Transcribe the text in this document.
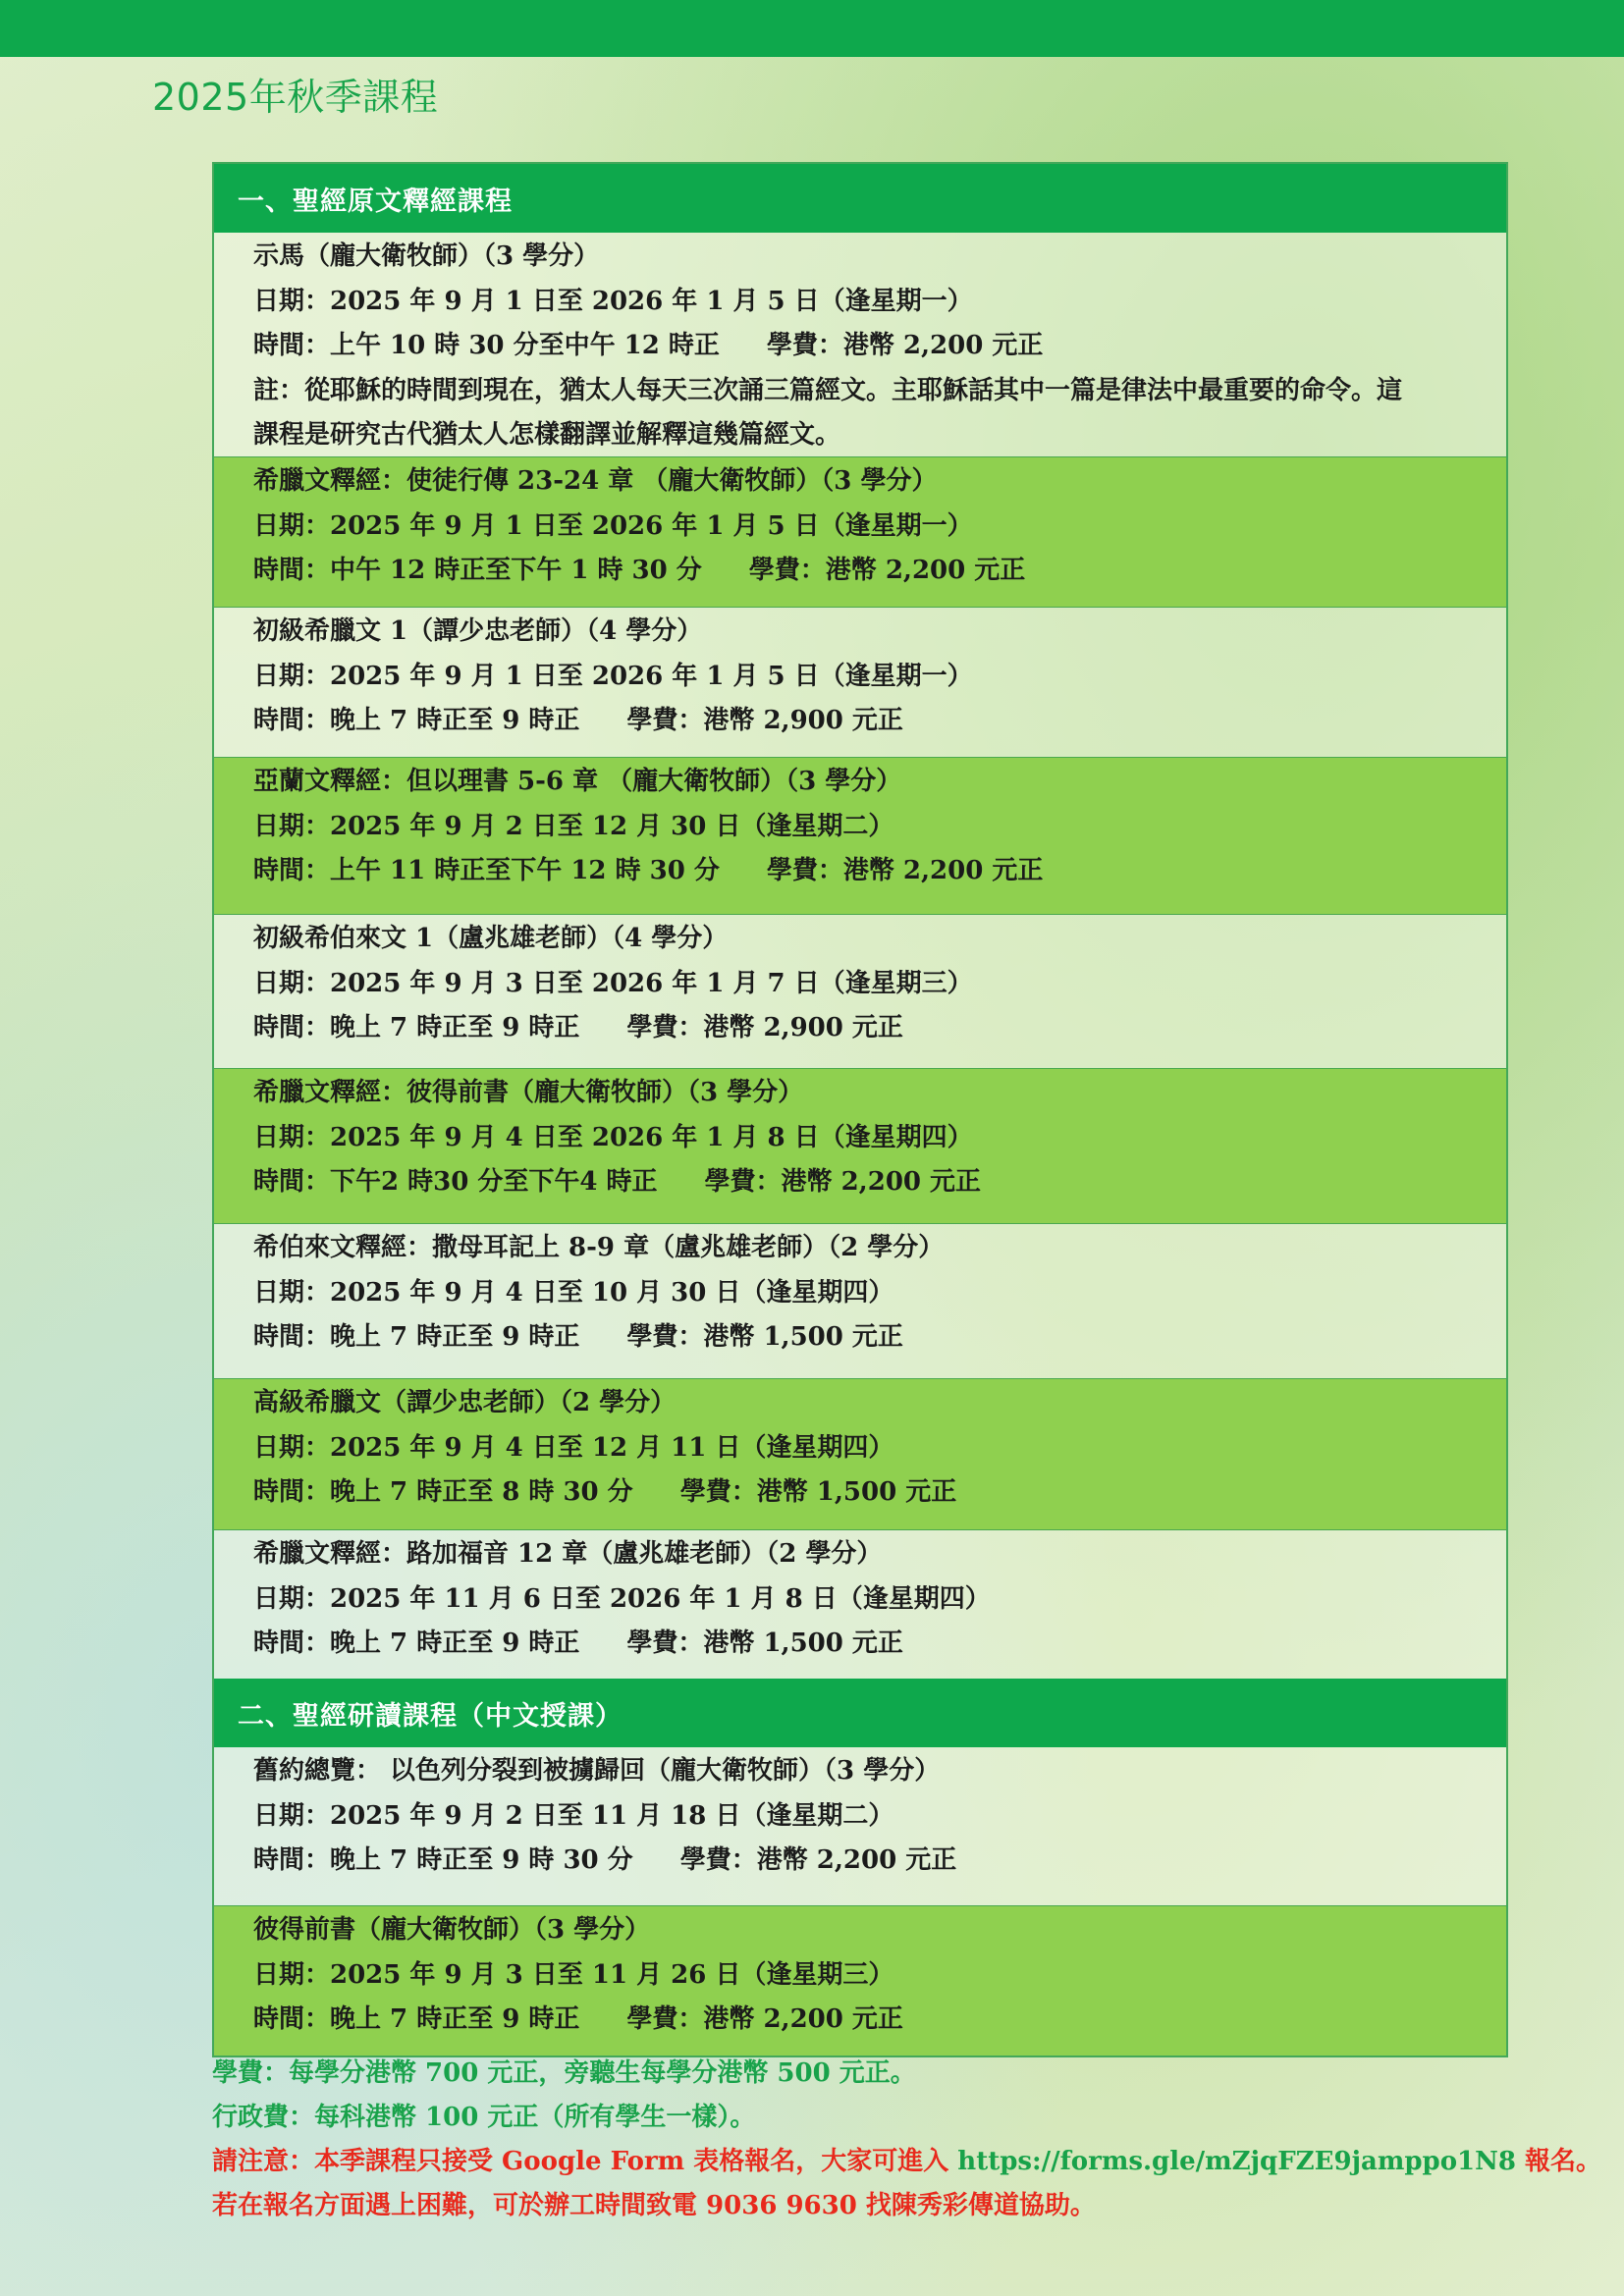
2025年秋季課程
一、聖經原文釋經課程
示馬（龐大衛牧師）（3 學分）
日期：2025 年 9 月 1 日至 2026 年 1 月 5 日（逢星期一）
時間：上午 10 時 30 分至中午 12 時正 學費：港幣 2,200 元正
註：從耶穌的時間到現在，猶太人每天三次誦三篇經文。主耶穌話其中一篇是律法中最重要的命令。這
課程是研究古代猶太人怎樣翻譯並解釋這幾篇經文。
希臘文釋經：使徒行傳 23-24 章 （龐大衛牧師）（3 學分）
日期：2025 年 9 月 1 日至 2026 年 1 月 5 日（逢星期一）
時間：中午 12 時正至下午 1 時 30 分 學費：港幣 2,200 元正
初級希臘文 1（譚少忠老師）（4 學分）
日期：2025 年 9 月 1 日至 2026 年 1 月 5 日（逢星期一）
時間：晚上 7 時正至 9 時正 學費：港幣 2,900 元正
亞蘭文釋經：但以理書 5-6 章 （龐大衛牧師）（3 學分）
日期：2025 年 9 月 2 日至 12 月 30 日（逢星期二）
時間：上午 11 時正至下午 12 時 30 分 學費：港幣 2,200 元正
初級希伯來文 1（盧兆雄老師）（4 學分）
日期：2025 年 9 月 3 日至 2026 年 1 月 7 日（逢星期三）
時間：晚上 7 時正至 9 時正 學費：港幣 2,900 元正
希臘文釋經：彼得前書（龐大衛牧師）（3 學分）
日期：2025 年 9 月 4 日至 2026 年 1 月 8 日（逢星期四）
時間：下午2 時30 分至下午4 時正 學費：港幣 2,200 元正
希伯來文釋經：撒母耳記上 8-9 章（盧兆雄老師）（2 學分）
日期：2025 年 9 月 4 日至 10 月 30 日（逢星期四）
時間：晚上 7 時正至 9 時正 學費：港幣 1,500 元正
高級希臘文（譚少忠老師）（2 學分）
日期：2025 年 9 月 4 日至 12 月 11 日（逢星期四）
時間：晚上 7 時正至 8 時 30 分 學費：港幣 1,500 元正
希臘文釋經：路加福音 12 章（盧兆雄老師）（2 學分）
日期：2025 年 11 月 6 日至 2026 年 1 月 8 日（逢星期四）
時間：晚上 7 時正至 9 時正 學費：港幣 1,500 元正
二、聖經研讀課程（中文授課）
舊約總覽： 以色列分裂到被擄歸回（龐大衛牧師）（3 學分）
日期：2025 年 9 月 2 日至 11 月 18 日（逢星期二）
時間：晚上 7 時正至 9 時 30 分 學費：港幣 2,200 元正
彼得前書（龐大衛牧師）（3 學分）
日期：2025 年 9 月 3 日至 11 月 26 日（逢星期三）
時間：晚上 7 時正至 9 時正 學費：港幣 2,200 元正
學費：每學分港幣 700 元正，旁聽生每學分港幣 500 元正。
行政費：每科港幣 100 元正（所有學生一樣）。
請注意：本季課程只接受 Google Form 表格報名，大家可進入 https://forms.gle/mZjqFZE9jamppo1N8 報名。
若在報名方面遇上困難，可於辦工時間致電 9036 9630 找陳秀彩傳道協助。
